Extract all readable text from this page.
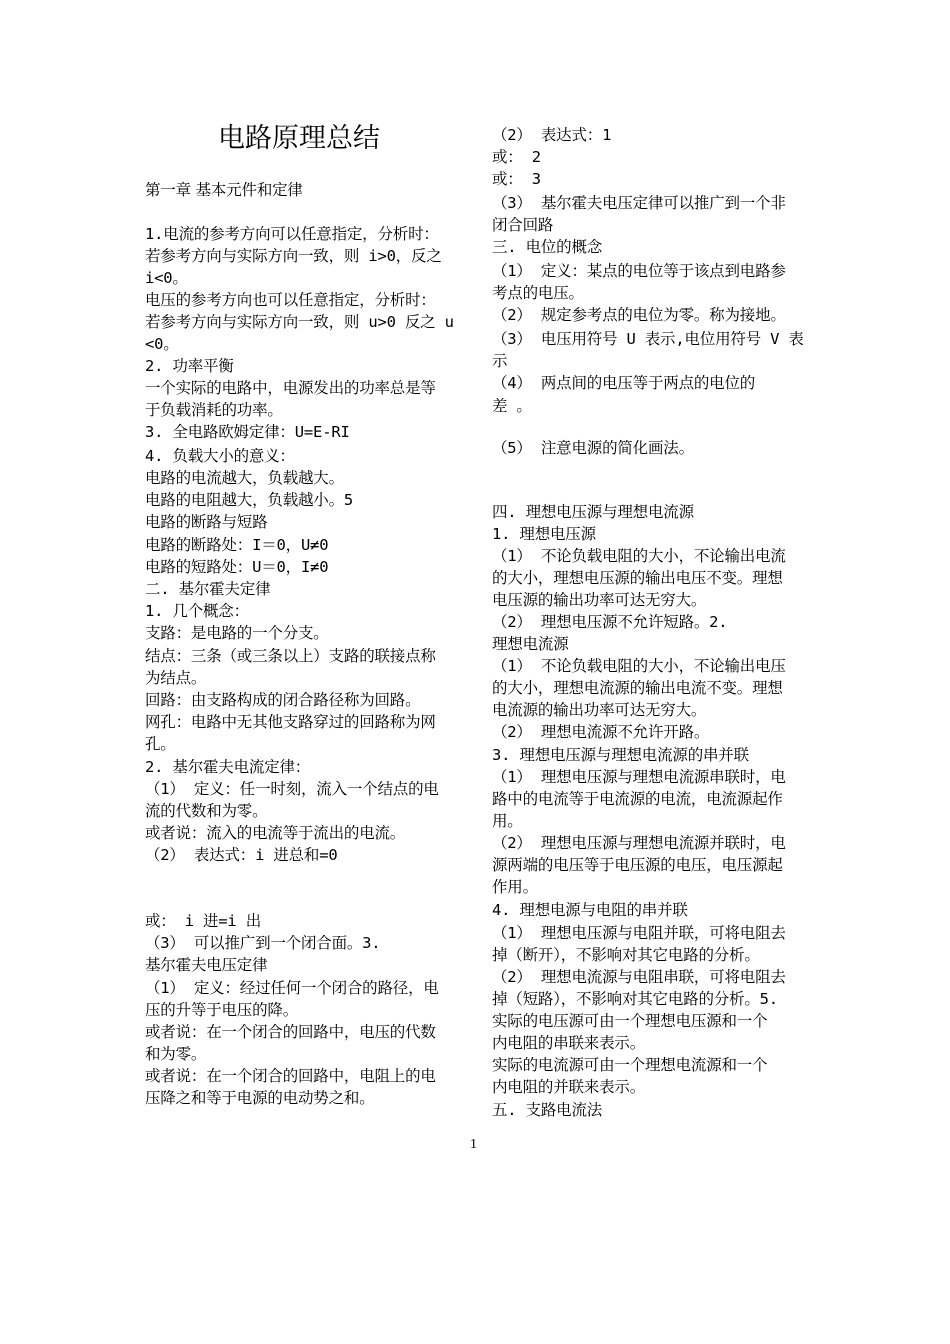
电路原理总结
第一章 基本元件和定律
1.电流的参考方向可以任意指定，分析时：
若参考方向与实际方向一致，则 i>0，反之
i<0。
电压的参考方向也可以任意指定，分析时：
若参考方向与实际方向一致，则 u>0 反之 u
<0。
2. 功率平衡
一个实际的电路中，电源发出的功率总是等
于负载消耗的功率。
3. 全电路欧姆定律：U=E-RI
4. 负载大小的意义：
电路的电流越大，负载越大。
电路的电阻越大，负载越小。5
电路的断路与短路
电路的断路处：I＝0，U≠0
电路的短路处：U＝0，I≠0
二. 基尔霍夫定律
1. 几个概念：
支路：是电路的一个分支。
结点：三条（或三条以上）支路的联接点称
为结点。
回路：由支路构成的闭合路径称为回路。
网孔：电路中无其他支路穿过的回路称为网
孔。
2. 基尔霍夫电流定律：
（1） 定义：任一时刻，流入一个结点的电
流的代数和为零。
或者说：流入的电流等于流出的电流。
（2） 表达式：i 进总和=0
或： i 进=i 出
（3） 可以推广到一个闭合面。3.
基尔霍夫电压定律
（1） 定义：经过任何一个闭合的路径，电
压的升等于电压的降。
或者说：在一个闭合的回路中，电压的代数
和为零。
或者说：在一个闭合的回路中，电阻上的电
压降之和等于电源的电动势之和。
（2） 表达式：1
或： 2
或： 3
（3） 基尔霍夫电压定律可以推广到一个非
闭合回路
三. 电位的概念
（1） 定义：某点的电位等于该点到电路参
考点的电压。
（2） 规定参考点的电位为零。称为接地。
（3） 电压用符号 U 表示,电位用符号 V 表
示
（4） 两点间的电压等于两点的电位的
差 。
（5） 注意电源的简化画法。
四. 理想电压源与理想电流源
1. 理想电压源
（1） 不论负载电阻的大小，不论输出电流
的大小，理想电压源的输出电压不变。理想
电压源的输出功率可达无穷大。
（2） 理想电压源不允许短路。2.
理想电流源
（1） 不论负载电阻的大小，不论输出电压
的大小，理想电流源的输出电流不变。理想
电流源的输出功率可达无穷大。
（2） 理想电流源不允许开路。
3. 理想电压源与理想电流源的串并联
（1） 理想电压源与理想电流源串联时，电
路中的电流等于电流源的电流，电流源起作
用。
（2） 理想电压源与理想电流源并联时，电
源两端的电压等于电压源的电压，电压源起
作用。
4. 理想电源与电阻的串并联
（1） 理想电压源与电阻并联，可将电阻去
掉（断开），不影响对其它电路的分析。
（2） 理想电流源与电阻串联，可将电阻去
掉（短路），不影响对其它电路的分析。5.
实际的电压源可由一个理想电压源和一个
内电阻的串联来表示。
实际的电流源可由一个理想电流源和一个
内电阻的并联来表示。
五. 支路电流法
1
